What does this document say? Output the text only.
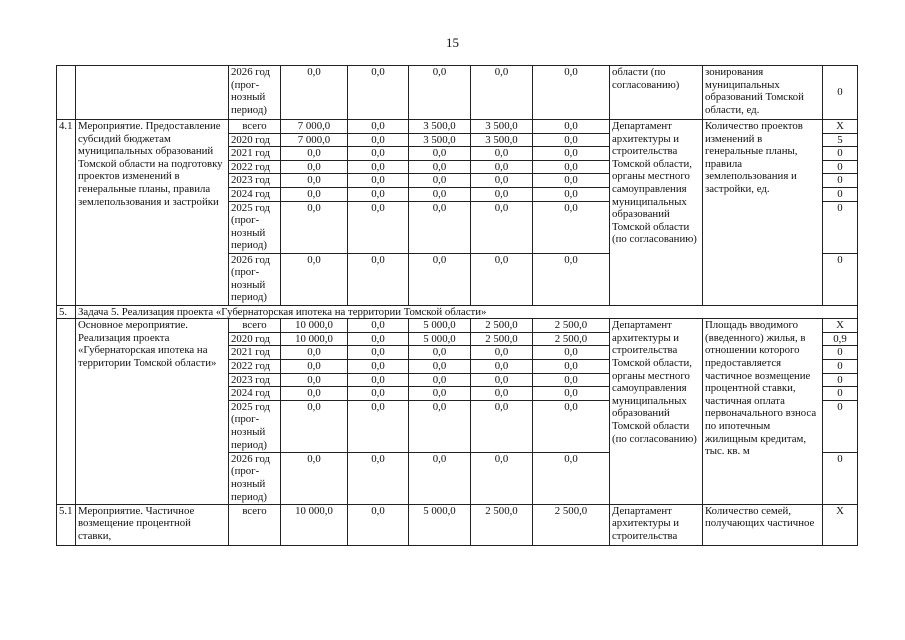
15
		2026 год (прог-нозный период)	0,0	0,0	0,0	0,0	0,0	области (по согласованию)	зонирования муниципальных образований Томской области, ед.	0
4.1	Мероприятие. Предоставление субсидий бюджетам муниципальных образований Томской области на подготовку проектов изменений в генеральные планы, правила землепользования и застройки	всего	7 000,0	0,0	3 500,0	3 500,0	0,0	Департамент архитектуры и строительства Томской области, органы местного самоуправления муниципальных образований Томской области (по согласованию)	Количество проектов изменений в генеральные планы, правила землепользования и застройки, ед.	X
		2020 год	7 000,0	0,0	3 500,0	3 500,0	0,0			5
		2021 год	0,0	0,0	0,0	0,0	0,0			0
		2022 год	0,0	0,0	0,0	0,0	0,0			0
		2023 год	0,0	0,0	0,0	0,0	0,0			0
		2024 год	0,0	0,0	0,0	0,0	0,0			0
		2025 год (прог-нозный период)	0,0	0,0	0,0	0,0	0,0			0
		2026 год (прог-нозный период)	0,0	0,0	0,0	0,0	0,0			0
5.	Задача 5. Реализация проекта «Губернаторская ипотека на территории Томской области»									
	Основное мероприятие. Реализация проекта «Губернаторская ипотека на территории Томской области»	всего	10 000,0	0,0	5 000,0	2 500,0	2 500,0	Департамент архитектуры и строительства Томской области, органы местного самоуправления муниципальных образований Томской области (по согласованию)	Площадь вводимого (введенного) жилья, в отношении которого предоставляется частичное возмещение процентной ставки, частичная оплата первоначального взноса по ипотечным жилищным кредитам, тыс. кв. м	X
		2020 год	10 000,0	0,0	5 000,0	2 500,0	2 500,0			0,9
		2021 год	0,0	0,0	0,0	0,0	0,0			0
		2022 год	0,0	0,0	0,0	0,0	0,0			0
		2023 год	0,0	0,0	0,0	0,0	0,0			0
		2024 год	0,0	0,0	0,0	0,0	0,0			0
		2025 год (прог-нозный период)	0,0	0,0	0,0	0,0	0,0			0
		2026 год (прог-нозный период)	0,0	0,0	0,0	0,0	0,0			0
5.1	Мероприятие. Частичное возмещение процентной ставки,	всего	10 000,0	0,0	5 000,0	2 500,0	2 500,0	Департамент архитектуры и строительства	Количество семей, получающих частичное	X
